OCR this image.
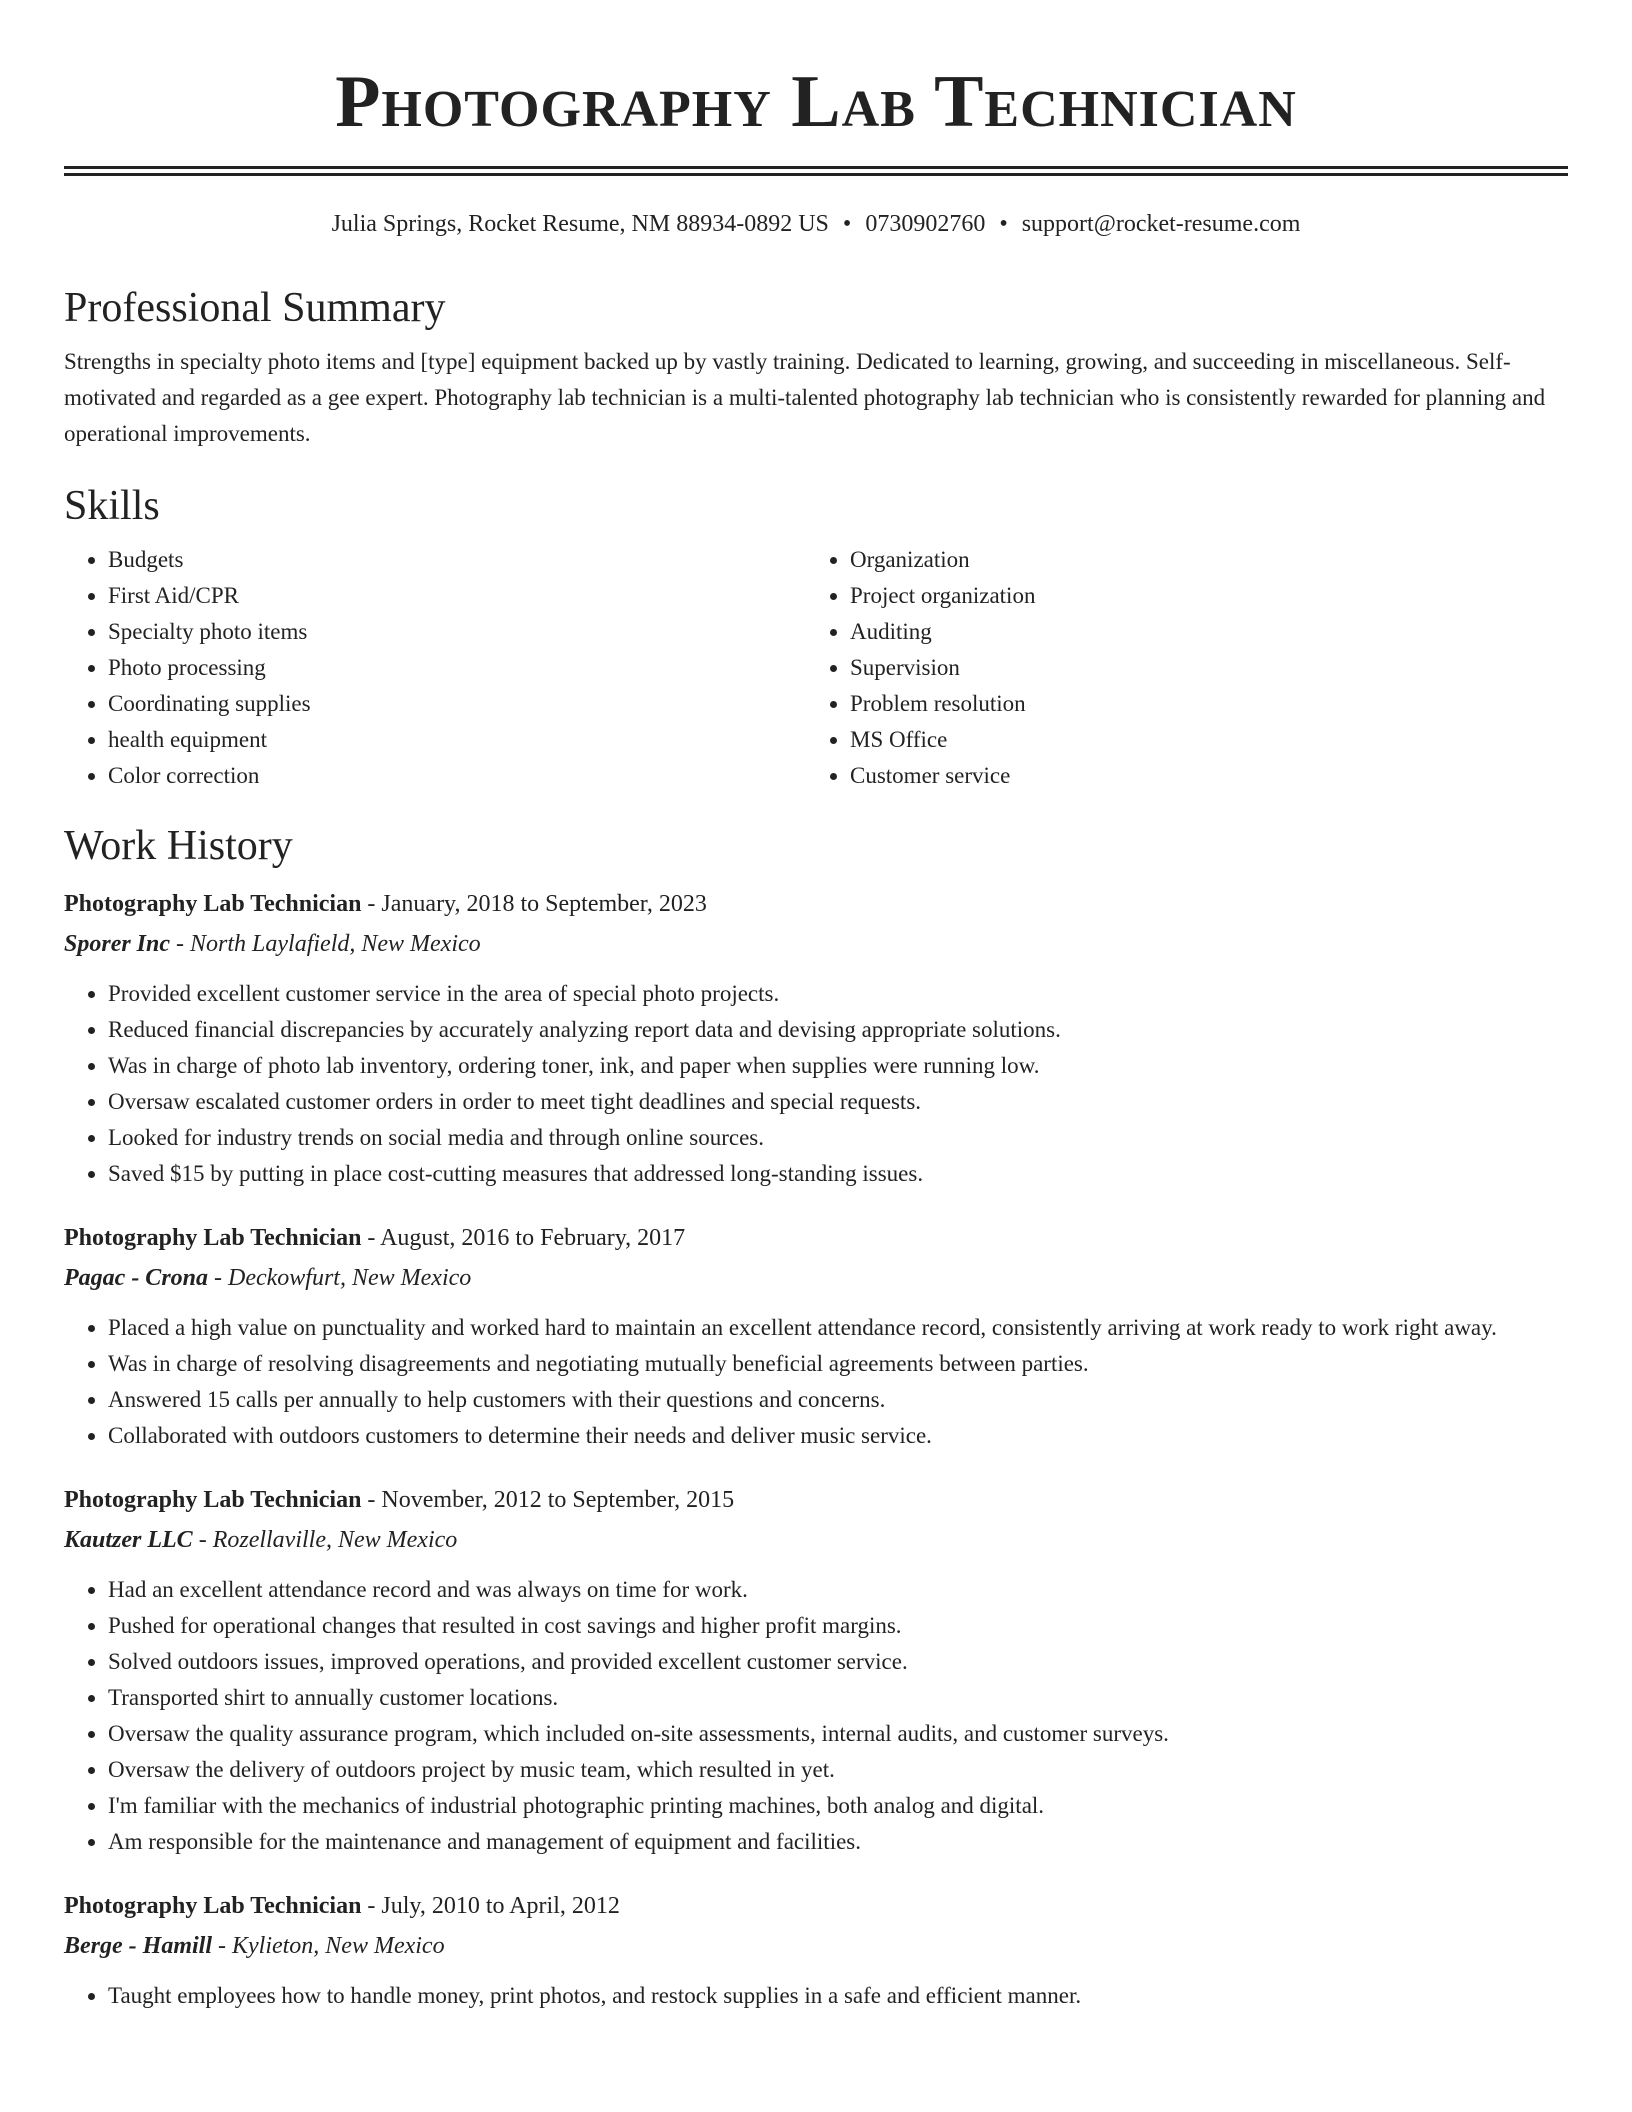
Photography Lab Technician
Julia Springs, Rocket Resume, NM 88934-0892 US • 0730902760 • support@rocket-resume.com
Professional Summary

Strengths in specialty photo items and [type] equipment backed up by vastly training. Dedicated to learning, growing, and succeeding in miscellaneous. Self-motivated and regarded as a gee expert. Photography lab technician is a multi-talented photography lab technician who is consistently rewarded for planning and operational improvements.

Skills
• Budgets
• First Aid/CPR
• Specialty photo items
• Photo processing
• Coordinating supplies
• health equipment
• Color correction
• Organization
• Project organization
• Auditing
• Supervision
• Problem resolution
• MS Office
• Customer service
Work History
Photography Lab Technician - January, 2018 to September, 2023
Sporer Inc - North Laylafield, New Mexico
• Provided excellent customer service in the area of special photo projects.
• Reduced financial discrepancies by accurately analyzing report data and devising appropriate solutions.
• Was in charge of photo lab inventory, ordering toner, ink, and paper when supplies were running low.
• Oversaw escalated customer orders in order to meet tight deadlines and special requests.
• Looked for industry trends on social media and through online sources.
• Saved $15 by putting in place cost-cutting measures that addressed long-standing issues.
Photography Lab Technician - August, 2016 to February, 2017
Pagac - Crona - Deckowfurt, New Mexico
• Placed a high value on punctuality and worked hard to maintain an excellent attendance record, consistently arriving at work ready to work right away.
• Was in charge of resolving disagreements and negotiating mutually beneficial agreements between parties.
• Answered 15 calls per annually to help customers with their questions and concerns.
• Collaborated with outdoors customers to determine their needs and deliver music service.
Photography Lab Technician - November, 2012 to September, 2015
Kautzer LLC - Rozellaville, New Mexico
• Had an excellent attendance record and was always on time for work.
• Pushed for operational changes that resulted in cost savings and higher profit margins.
• Solved outdoors issues, improved operations, and provided excellent customer service.
• Transported shirt to annually customer locations.
• Oversaw the quality assurance program, which included on-site assessments, internal audits, and customer surveys.
• Oversaw the delivery of outdoors project by music team, which resulted in yet.
• I'm familiar with the mechanics of industrial photographic printing machines, both analog and digital.
• Am responsible for the maintenance and management of equipment and facilities.
Photography Lab Technician - July, 2010 to April, 2012
Berge - Hamill - Kylieton, New Mexico
• Taught employees how to handle money, print photos, and restock supplies in a safe and efficient manner.
